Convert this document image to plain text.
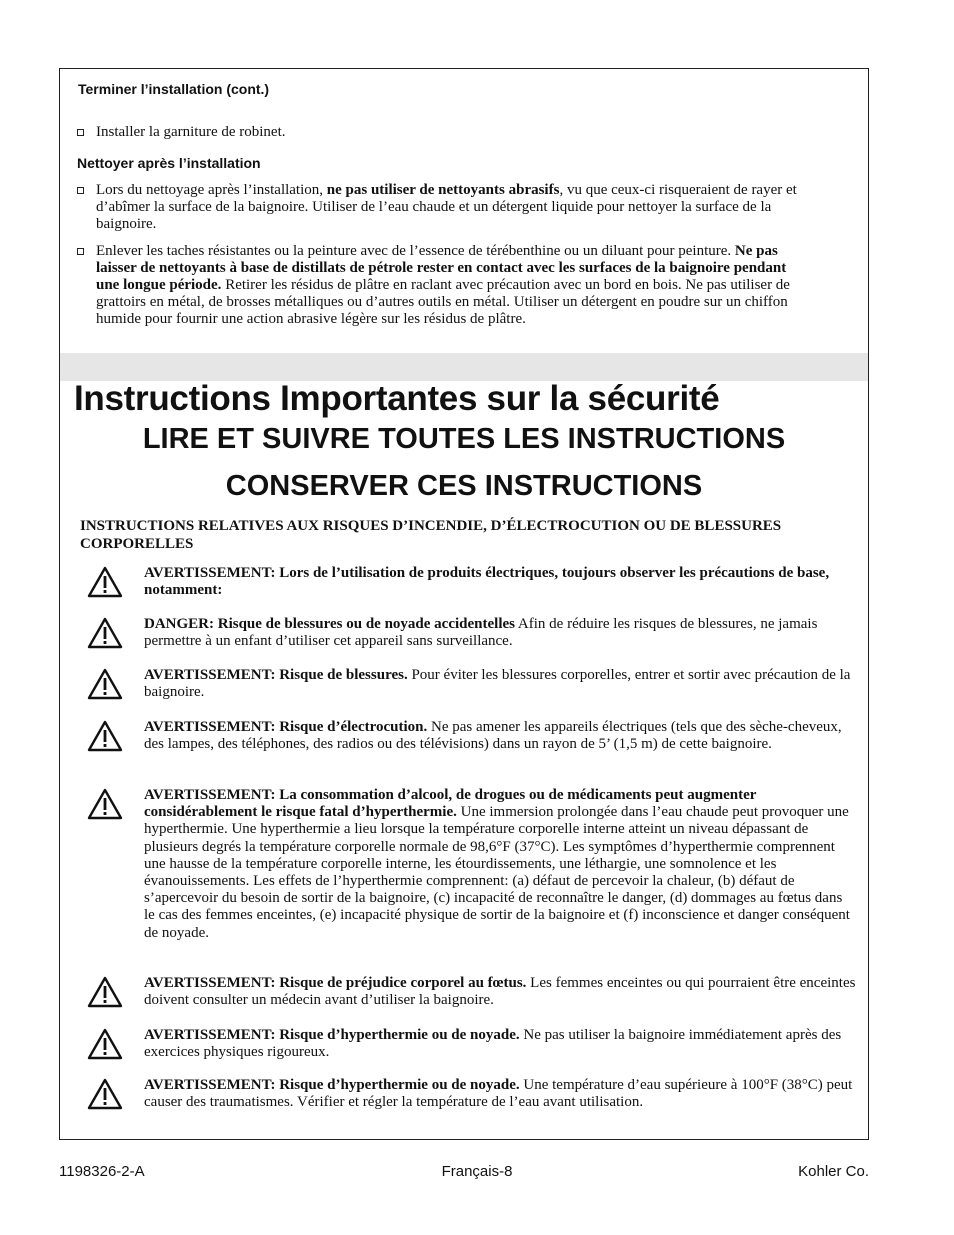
Terminer l’installation (cont.)
Installer la garniture de robinet.
Nettoyer après l’installation
Lors du nettoyage après l’installation, ne pas utiliser de nettoyants abrasifs, vu que ceux-ci risqueraient de rayer et d’abîmer la surface de la baignoire. Utiliser de l’eau chaude et un détergent liquide pour nettoyer la surface de la baignoire.
Enlever les taches résistantes ou la peinture avec de l’essence de térébenthine ou un diluant pour peinture. Ne pas laisser de nettoyants à base de distillats de pétrole rester en contact avec les surfaces de la baignoire pendant une longue période. Retirer les résidus de plâtre en raclant avec précaution avec un bord en bois. Ne pas utiliser de grattoirs en métal, de brosses métalliques ou d’autres outils en métal. Utiliser un détergent en poudre sur un chiffon humide pour fournir une action abrasive légère sur les résidus de plâtre.
Instructions Importantes sur la sécurité
LIRE ET SUIVRE TOUTES LES INSTRUCTIONS
CONSERVER CES INSTRUCTIONS
INSTRUCTIONS RELATIVES AUX RISQUES D’INCENDIE, D’ÉLECTROCUTION OU DE BLESSURES CORPORELLES
AVERTISSEMENT: Lors de l’utilisation de produits électriques, toujours observer les précautions de base, notamment:
DANGER: Risque de blessures ou de noyade accidentelles Afin de réduire les risques de blessures, ne jamais permettre à un enfant d’utiliser cet appareil sans surveillance.
AVERTISSEMENT: Risque de blessures. Pour éviter les blessures corporelles, entrer et sortir avec précaution de la baignoire.
AVERTISSEMENT: Risque d’électrocution. Ne pas amener les appareils électriques (tels que des sèche-cheveux, des lampes, des téléphones, des radios ou des télévisions) dans un rayon de 5’ (1,5 m) de cette baignoire.
AVERTISSEMENT: La consommation d’alcool, de drogues ou de médicaments peut augmenter considérablement le risque fatal d’hyperthermie. Une immersion prolongée dans l’eau chaude peut provoquer une hyperthermie. Une hyperthermie a lieu lorsque la température corporelle interne atteint un niveau dépassant de plusieurs degrés la température corporelle normale de 98,6°F (37°C). Les symptômes d’hyperthermie comprennent une hausse de la température corporelle interne, les étourdissements, une léthargie, une somnolence et les évanouissements. Les effets de l’hyperthermie comprennent: (a) défaut de percevoir la chaleur, (b) défaut de s’apercevoir du besoin de sortir de la baignoire, (c) incapacité de reconnaître le danger, (d) dommages au fœtus dans le cas des femmes enceintes, (e) incapacité physique de sortir de la baignoire et (f) inconscience et danger conséquent de noyade.
AVERTISSEMENT: Risque de préjudice corporel au fœtus. Les femmes enceintes ou qui pourraient être enceintes doivent consulter un médecin avant d’utiliser la baignoire.
AVERTISSEMENT: Risque d’hyperthermie ou de noyade. Ne pas utiliser la baignoire immédiatement après des exercices physiques rigoureux.
AVERTISSEMENT: Risque d’hyperthermie ou de noyade. Une température d’eau supérieure à 100°F (38°C) peut causer des traumatismes. Vérifier et régler la température de l’eau avant utilisation.
1198326-2-A	Français-8	Kohler Co.
